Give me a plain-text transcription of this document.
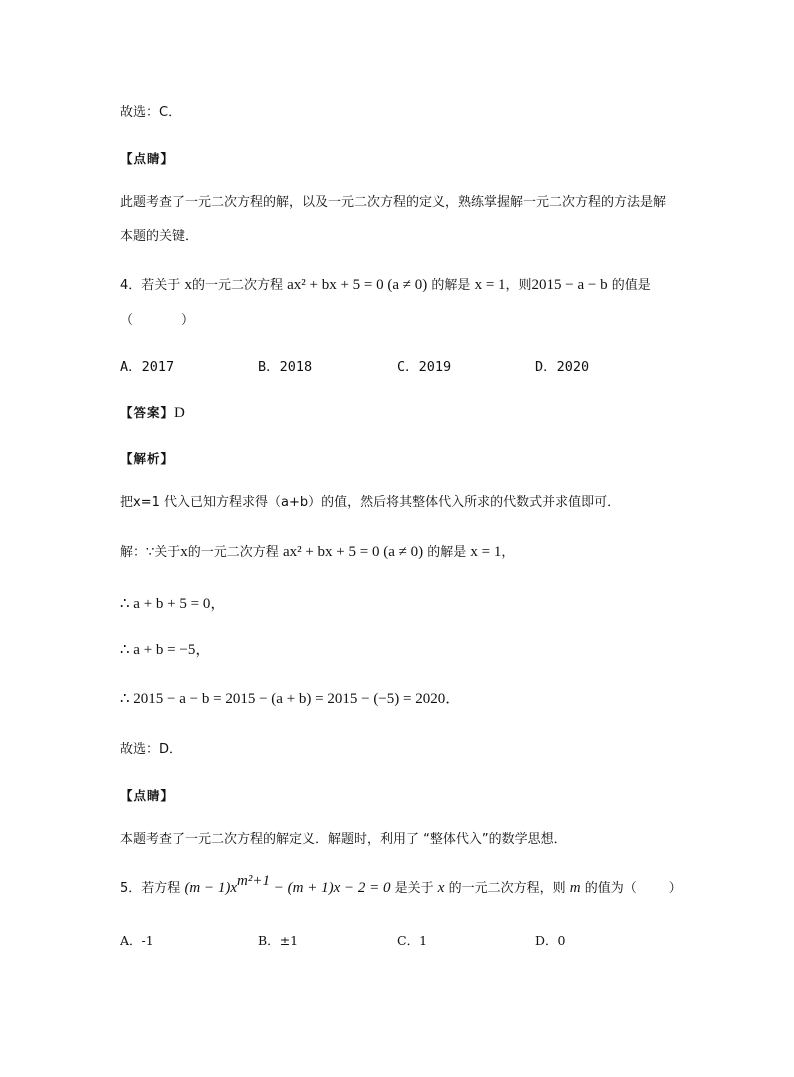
故选：C．
【点睛】
此题考查了一元二次方程的解，以及一元二次方程的定义，熟练掌握解一元二次方程的方法是解
本题的关键．
4．若关于 x的一元二次方程 ax² + bx + 5 = 0 (a ≠ 0) 的解是 x = 1，则2015 − a − b 的值是
（	）
A．2017	B．2018	C．2019	D．2020
【答案】D
【解析】
把x=1 代入已知方程求得（a+b）的值，然后将其整体代入所求的代数式并求值即可．
解：∵关于x的一元二次方程 ax² + bx + 5 = 0 (a ≠ 0) 的解是 x = 1，
∴ a + b + 5 = 0，
∴ a + b = −5，
∴ 2015 − a − b = 2015 − (a + b) = 2015 − (−5) = 2020．
故选：D．
【点睛】
本题考查了一元二次方程的解定义．解题时，利用了 “整体代入”的数学思想．
5．若方程 $(m - 1)x^{m^2+1} - (m + 1)x - 2 = 0$ 是关于 x 的一元二次方程，则 m 的值为（ ）
A．-1	B．±1	C．1	D．0
